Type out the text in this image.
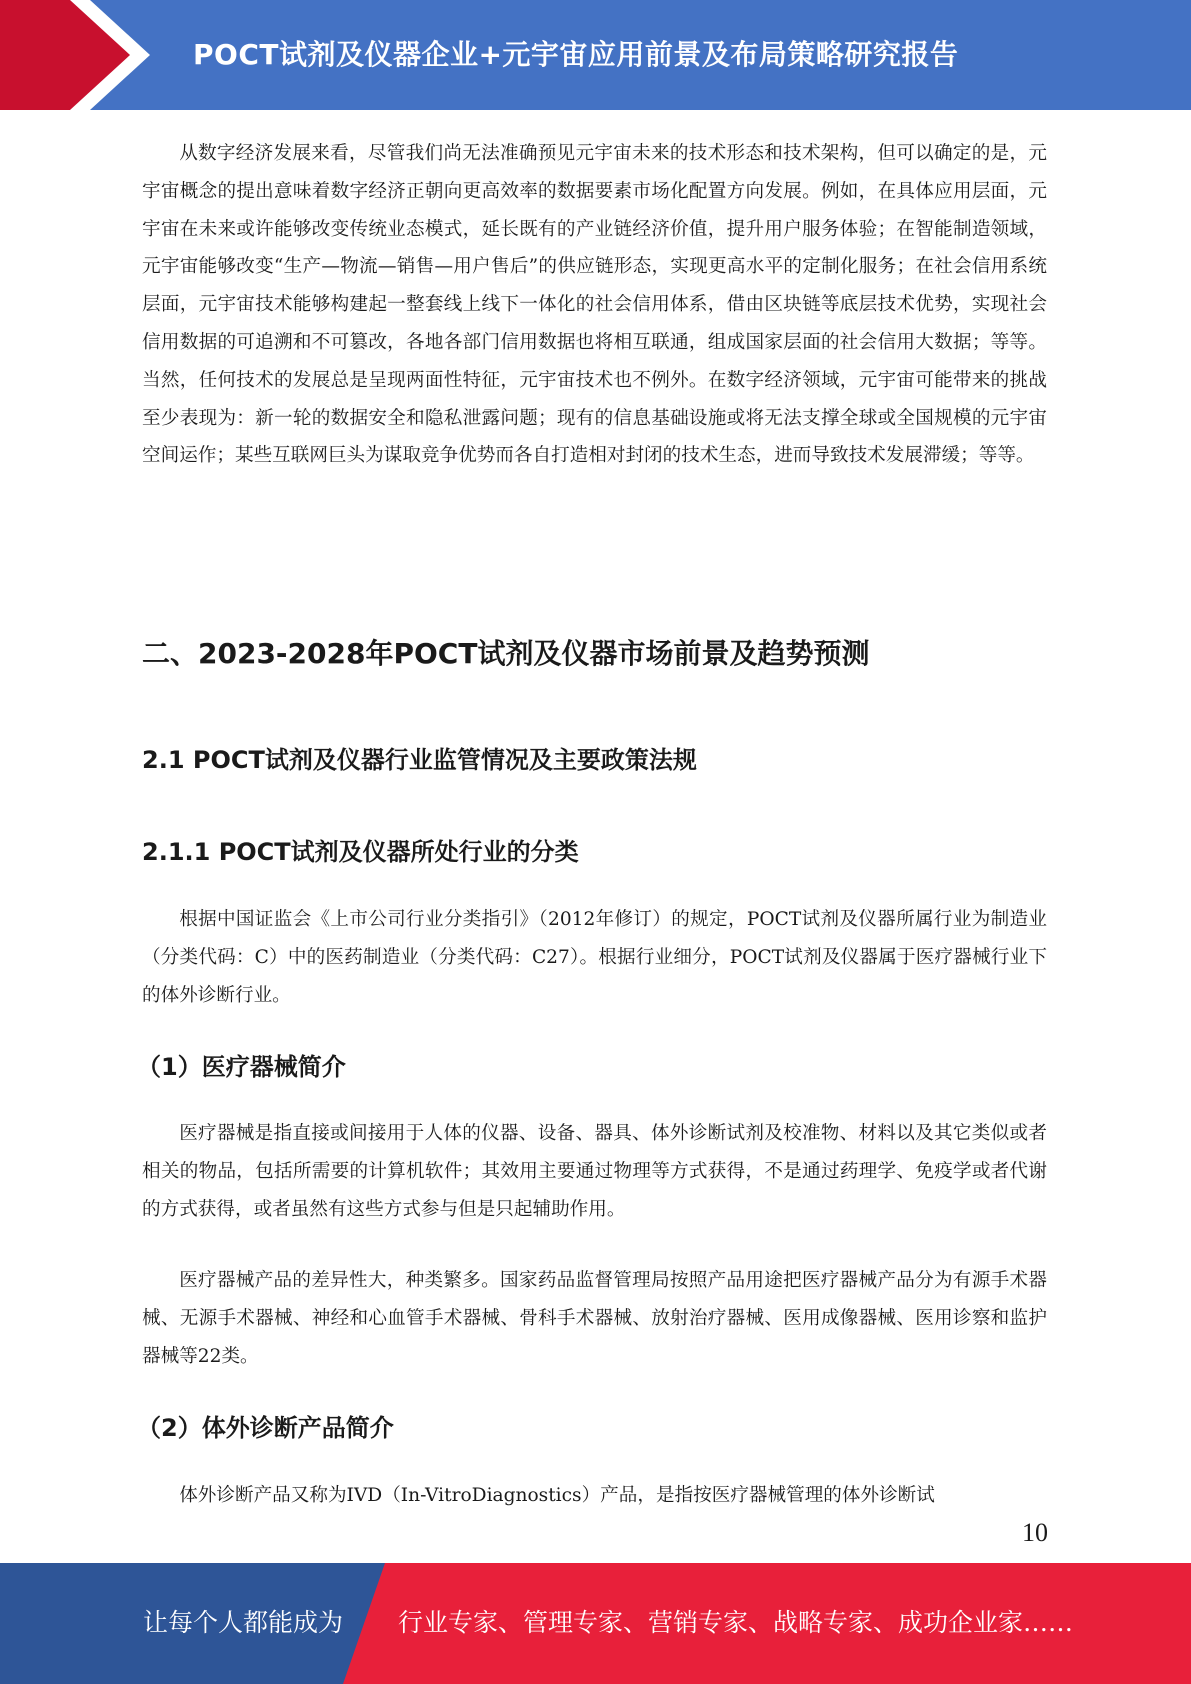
POCT试剂及仪器企业+元宇宙应用前景及布局策略研究报告

从数字经济发展来看，尽管我们尚无法准确预见元宇宙未来的技术形态和技术架构，但可以确定的是，元宇宙概念的提出意味着数字经济正朝向更高效率的数据要素市场化配置方向发展。例如，在具体应用层面，元宇宙在未来或许能够改变传统业态模式，延长既有的产业链经济价值，提升用户服务体验；在智能制造领域，元宇宙能够改变“生产—物流—销售—用户售后”的供应链形态，实现更高水平的定制化服务；在社会信用系统层面，元宇宙技术能够构建起一整套线上线下一体化的社会信用体系，借由区块链等底层技术优势，实现社会信用数据的可追溯和不可篡改，各地各部门信用数据也将相互联通，组成国家层面的社会信用大数据；等等。当然，任何技术的发展总是呈现两面性特征，元宇宙技术也不例外。在数字经济领域，元宇宙可能带来的挑战至少表现为：新一轮的数据安全和隐私泄露问题；现有的信息基础设施或将无法支撑全球或全国规模的元宇宙空间运作；某些互联网巨头为谋取竞争优势而各自打造相对封闭的技术生态，进而导致技术发展滞缓；等等。

二、2023-2028年POCT试剂及仪器市场前景及趋势预测
2.1 POCT试剂及仪器行业监管情况及主要政策法规
2.1.1 POCT试剂及仪器所处行业的分类

根据中国证监会《上市公司行业分类指引》（2012年修订）的规定，POCT试剂及仪器所属行业为制造业（分类代码：C）中的医药制造业（分类代码：C27）。根据行业细分，POCT试剂及仪器属于医疗器械行业下的体外诊断行业。

（1）医疗器械简介

医疗器械是指直接或间接用于人体的仪器、设备、器具、体外诊断试剂及校准物、材料以及其它类似或者相关的物品，包括所需要的计算机软件；其效用主要通过物理等方式获得，不是通过药理学、免疫学或者代谢的方式获得，或者虽然有这些方式参与但是只起辅助作用。

医疗器械产品的差异性大，种类繁多。国家药品监督管理局按照产品用途把医疗器械产品分为有源手术器械、无源手术器械、神经和心血管手术器械、骨科手术器械、放射治疗器械、医用成像器械、医用诊察和监护器械等22类。

（2）体外诊断产品简介

体外诊断产品又称为IVD（In-VitroDiagnostics）产品，是指按医疗器械管理的体外诊断试

10
让每个人都能成为 行业专家、管理专家、营销专家、战略专家、成功企业家……
